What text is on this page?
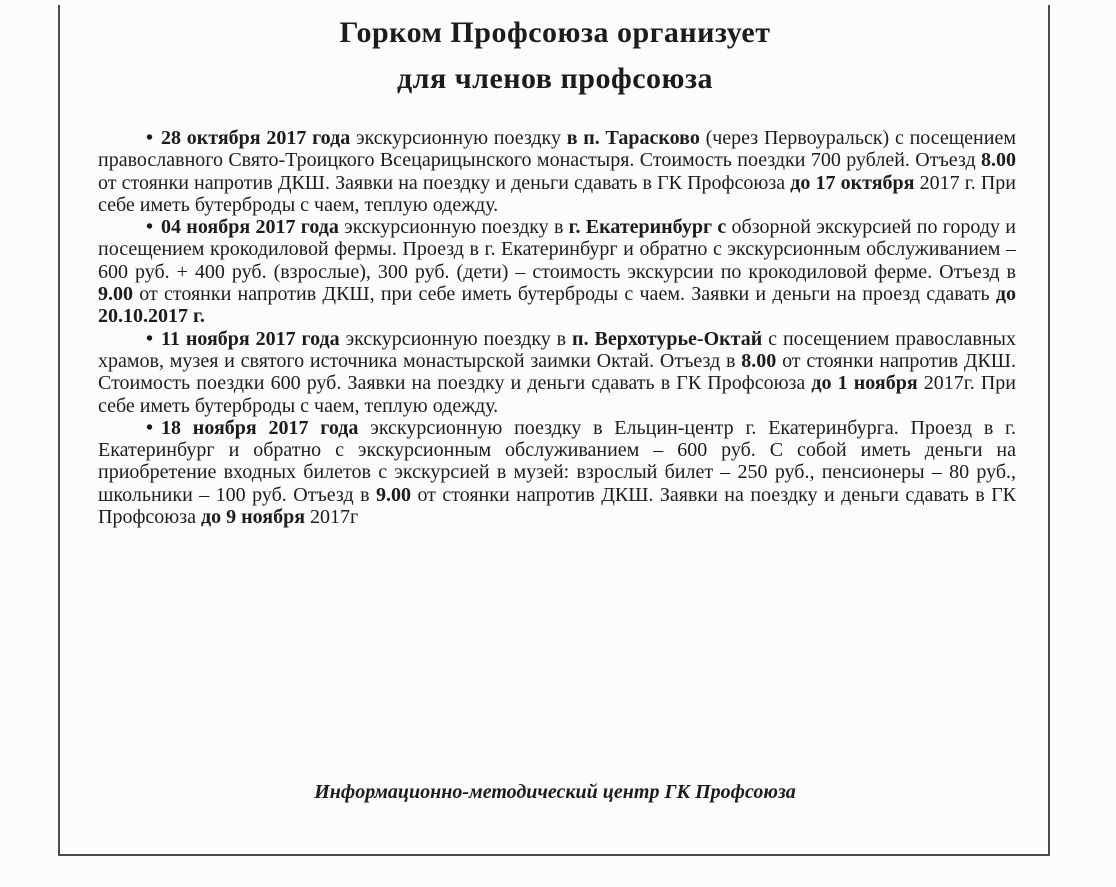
Горком Профсоюза организует
для членов профсоюза

• 28 октября 2017 года экскурсионную поездку в п. Тарасково (через Первоуральск) с посещением православного Свято-Троицкого Всецарицынского монастыря. Стоимость поездки 700 рублей. Отъезд 8.00 от стоянки напротив ДКШ. Заявки на поездку и деньги сдавать в ГК Профсоюза до 17 октября 2017 г. При себе иметь бутерброды с чаем, теплую одежду.

• 04 ноября 2017 года экскурсионную поездку в г. Екатеринбург с обзорной экскурсией по городу и посещением крокодиловой фермы. Проезд в г. Екатеринбург и обратно с экскурсионным обслуживанием – 600 руб. + 400 руб. (взрослые), 300 руб. (дети) – стоимость экскурсии по крокодиловой ферме. Отъезд в 9.00 от стоянки напротив ДКШ, при себе иметь бутерброды с чаем. Заявки и деньги на проезд сдавать до 20.10.2017 г.

• 11 ноября 2017 года экскурсионную поездку в п. Верхотурье-Октай с посещением православных храмов, музея и святого источника монастырской заимки Октай. Отъезд в 8.00 от стоянки напротив ДКШ. Стоимость поездки 600 руб. Заявки на поездку и деньги сдавать в ГК Профсоюза до 1 ноября 2017г. При себе иметь бутерброды с чаем, теплую одежду.

• 18 ноября 2017 года экскурсионную поездку в Ельцин-центр г. Екатеринбурга. Проезд в г. Екатеринбург и обратно с экскурсионным обслуживанием – 600 руб. С собой иметь деньги на приобретение входных билетов с экскурсией в музей: взрослый билет – 250 руб., пенсионеры – 80 руб., школьники – 100 руб. Отъезд в 9.00 от стоянки напротив ДКШ. Заявки на поездку и деньги сдавать в ГК Профсоюза до 9 ноября 2017г

Информационно-методический центр ГК Профсоюза
